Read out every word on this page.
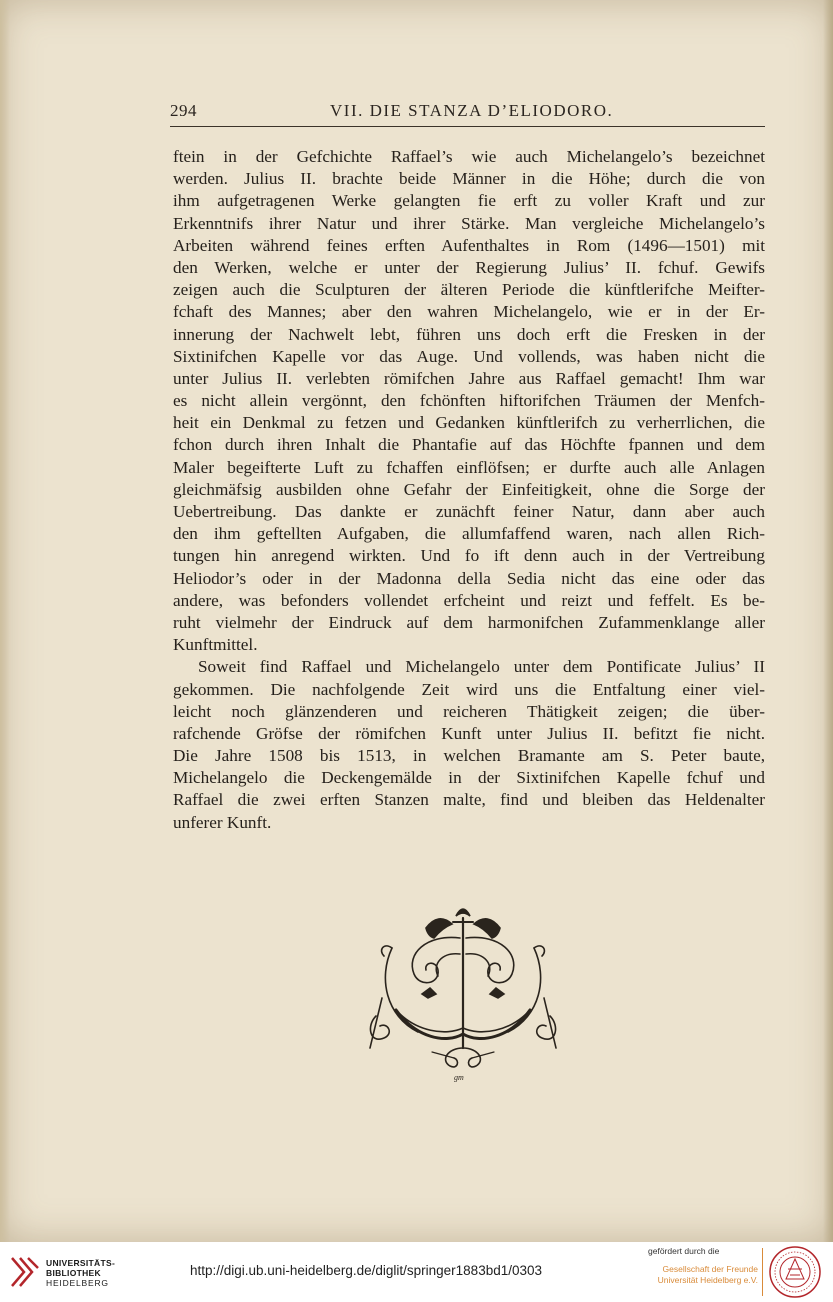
294	VII. DIE STANZA D’ELIODORO.
ftein in der Gefchichte Raffael’s wie auch Michelangelo’s bezeichnet
werden. Julius II. brachte beide Männer in die Höhe; durch die von
ihm aufgetragenen Werke gelangten fie erft zu voller Kraft und zur
Erkenntnifs ihrer Natur und ihrer Stärke. Man vergleiche Michelangelo’s
Arbeiten während feines erften Aufenthaltes in Rom (1496—1501) mit
den Werken, welche er unter der Regierung Julius’ II. fchuf. Gewifs
zeigen auch die Sculpturen der älteren Periode die künftlerifche Meifter-
fchaft des Mannes; aber den wahren Michelangelo, wie er in der Er-
innerung der Nachwelt lebt, führen uns doch erft die Fresken in der
Sixtinifchen Kapelle vor das Auge. Und vollends, was haben nicht die
unter Julius II. verlebten römifchen Jahre aus Raffael gemacht! Ihm war
es nicht allein vergönnt, den fchönften hiftorifchen Träumen der Menfch-
heit ein Denkmal zu fetzen und Gedanken künftlerifch zu verherrlichen, die
fchon durch ihren Inhalt die Phantafie auf das Höchfte fpannen und dem
Maler begeifterte Luft zu fchaffen einflöfsen; er durfte auch alle Anlagen
gleichmäfsig ausbilden ohne Gefahr der Einfeitigkeit, ohne die Sorge der
Uebertreibung. Das dankte er zunächft feiner Natur, dann aber auch
den ihm geftellten Aufgaben, die allumfaffend waren, nach allen Rich-
tungen hin anregend wirkten. Und fo ift denn auch in der Vertreibung
Heliodor’s oder in der Madonna della Sedia nicht das eine oder das
andere, was befonders vollendet erfcheint und reizt und feffelt. Es be-
ruht vielmehr der Eindruck auf dem harmonifchen Zufammenklange aller
Kunftmittel.
Soweit find Raffael und Michelangelo unter dem Pontificate Julius’ II
gekommen. Die nachfolgende Zeit wird uns die Entfaltung einer viel-
leicht noch glänzenderen und reicheren Thätigkeit zeigen; die über-
rafchende Gröfse der römifchen Kunft unter Julius II. befitzt fie nicht.
Die Jahre 1508 bis 1513, in welchen Bramante am S. Peter baute,
Michelangelo die Deckengemälde in der Sixtinifchen Kapelle fchuf und
Raffael die zwei erften Stanzen malte, find und bleiben das Heldenalter
unferer Kunft.
gm
UNIVERSITÄTS-
BIBLIOTHEK
HEIDELBERG
http://digi.ub.uni-heidelberg.de/diglit/springer1883bd1/0303
gefördert durch die
Gesellschaft der Freunde
Universität Heidelberg e.V.
